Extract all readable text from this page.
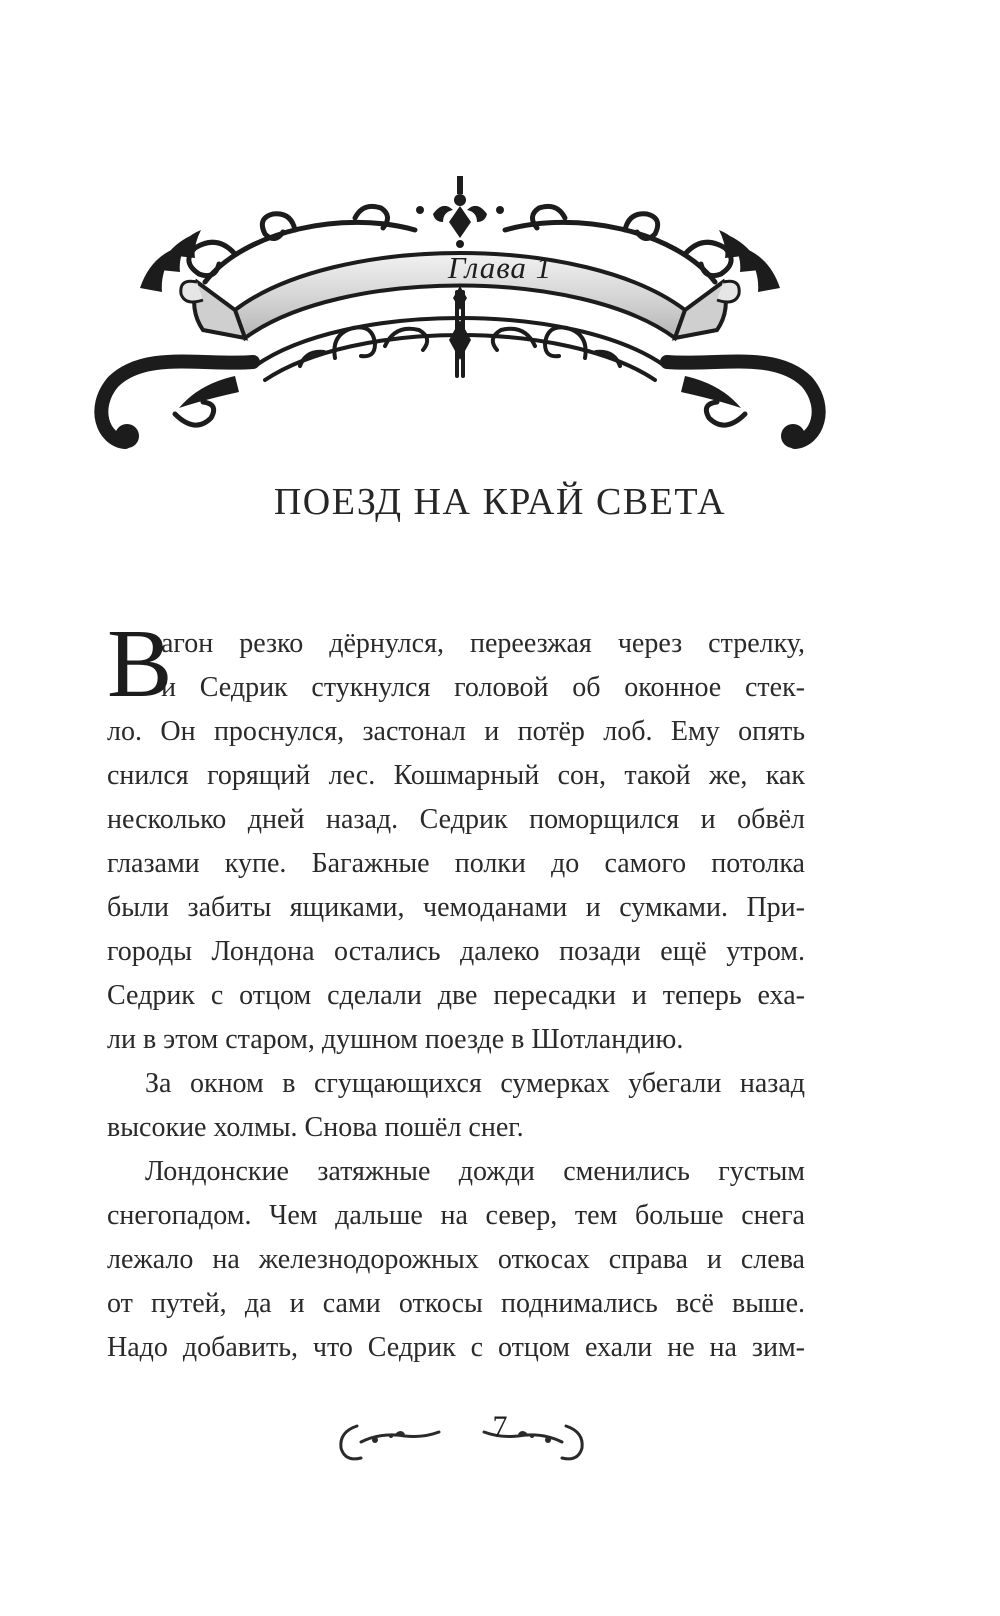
Глава 1
ПОЕЗД НА КРАЙ СВЕТА
В
агон резко дёрнулся, переезжая через стрелку,
и Седрик стукнулся головой об оконное стек-
ло. Он проснулся, застонал и потёр лоб. Ему опять
снился горящий лес. Кошмарный сон, такой же, как
несколько дней назад. Седрик поморщился и обвёл
глазами купе. Багажные полки до самого потолка
были забиты ящиками, чемоданами и сумками. При-
городы Лондона остались далеко позади ещё утром.
Седрик с отцом сделали две пересадки и теперь еха-
ли в этом старом, душном поезде в Шотландию.
За окном в сгущающихся сумерках убегали назад
высокие холмы. Снова пошёл снег.
Лондонские затяжные дожди сменились густым
снегопадом. Чем дальше на север, тем больше снега
лежало на железнодорожных откосах справа и слева
от путей, да и сами откосы поднимались всё выше.
Надо добавить, что Седрик с отцом ехали не на зим-
7
